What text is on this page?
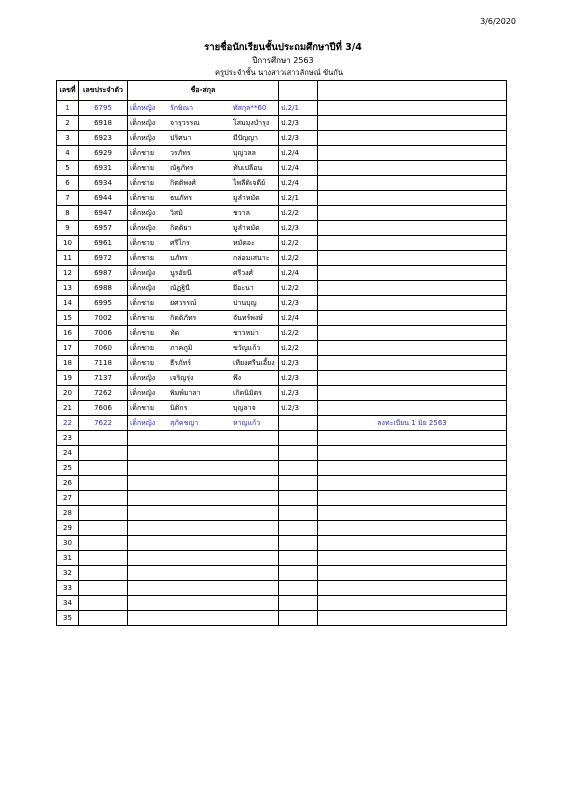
3/6/2020
รายชื่อนักเรียนชั้นประถมศึกษาปีที่ 3/4
ปีการศึกษา 2563
ครูประจำชั้น นางสาวเสาวลักษณ์ ขันกัน
เลขที่	เลขประจำตัว	ชื่อ-สกุล		
1	6795	เด็กหญิง รักษิณา ทัสกุล**60	ป.2/1	
2	6918	เด็กหญิง จารุวรรณ โสมมุงบำรุง	ป.2/3	
3	6923	เด็กหญิง ปริศนา มีปัญญา	ป.2/3	
4	6929	เด็กชาย วรภัทร บุญวลล	ป.2/4	
5	6931	เด็กชาย ณัฐภัทร ทับเปลือน	ป.2/4	
6	6934	เด็กชาย กิตติพงศ์ ไพลีดิเจดีย์	ป.2/4	
7	6944	เด็กชาย ธนภัทร มูลำหมัด	ป.2/1	
8	6947	เด็กหญิง วิสมิ ชวาล	ป.2/2	
9	6957	เด็กหญิง กิตติยา มูลำหมัด	ป.2/3	
10	6961	เด็กชาย ศรีไกร หมัดอะ	ป.2/2	
11	6972	เด็กชาย นภัทร กล่อมเสนาะ	ป.2/2	
12	6987	เด็กหญิง นูรอัยนี ศรีวงศ์	ป.2/4	
13	6988	เด็กหญิง ณัฏฐินี ยีอะนา	ป.2/2	
14	6995	เด็กชาย ยศวรรณ์ ปานบุญ	ป.2/3	
15	7002	เด็กชาย กิตติภัทร จันทร์พงษ์	ป.2/4	
16	7006	เด็กชาย ทัด ชาวหม่า	ป.2/2	
17	7060	เด็กชาย ภาคภูมิ ขวัญแก้ว	ป.2/2	
18	7118	เด็กชาย ธีรภัทร์ เทียงศรีนเอี้ยง	ป.2/3	
19	7137	เด็กหญิง เจริญรุ่ง พึง	ป.2/3	
20	7262	เด็กหญิง พิมพ์มาลา เกิดนิมิตร	ป.2/3	
21	7606	เด็กชาย นิติกร บุญลาจ	ป.2/3	
22	7622	เด็กหญิง สุภัคชญา หาญแก้ว		ลงทะเบียน 1 มิย 2563
23				
24				
25				
26				
27				
28				
29				
30				
31				
32				
33				
34				
35				
